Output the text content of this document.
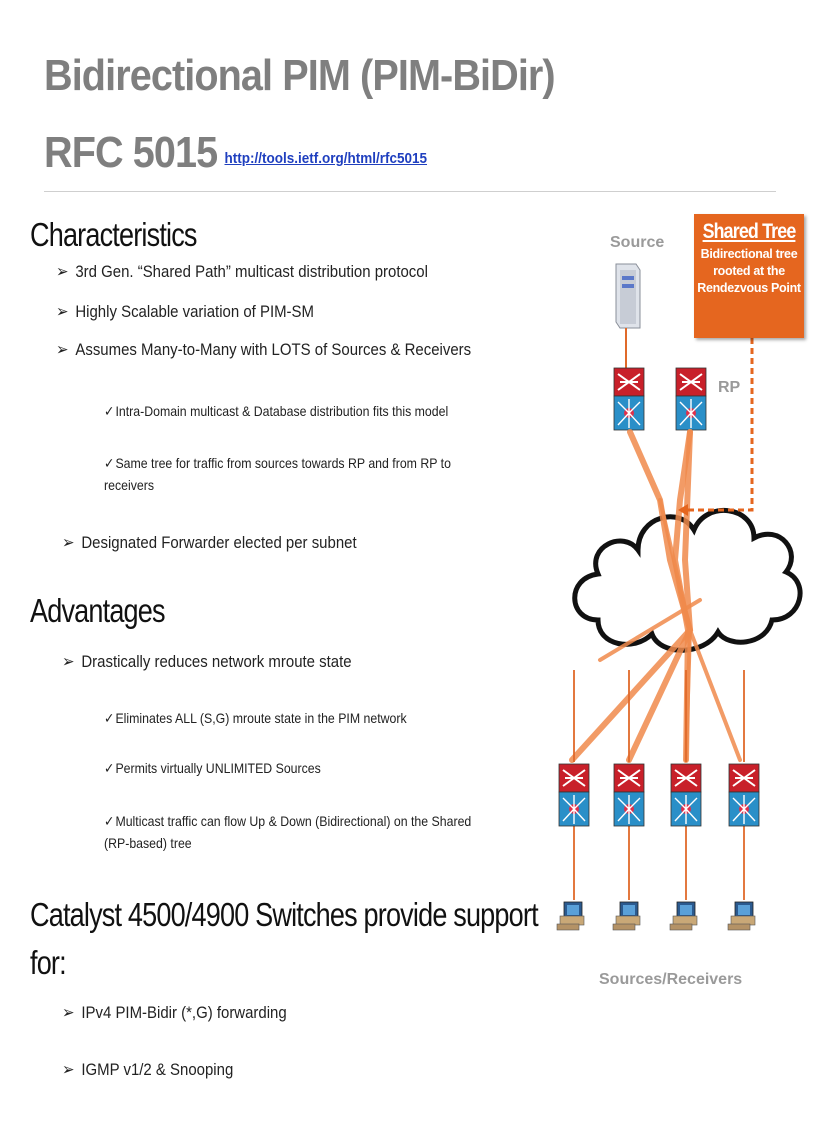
Bidirectional PIM (PIM-BiDir)
RFC 5015 http://tools.ietf.org/html/rfc5015
Characteristics
➢ 3rd Gen. “Shared Path” multicast distribution protocol
➢ Highly Scalable variation of PIM-SM
➢ Assumes Many-to-Many with LOTS of Sources & Receivers
✓Intra-Domain multicast & Database distribution fits this model
✓Same tree for traffic from sources towards RP and from RP to receivers
➢ Designated Forwarder elected per subnet
Advantages
➢ Drastically reduces network mroute state
✓Eliminates ALL (S,G) mroute state in the PIM network
✓Permits virtually UNLIMITED Sources
✓Multicast traffic can flow Up & Down (Bidirectional) on the Shared (RP-based) tree
Catalyst 4500/4900 Switches provide support
for:
➢ IPv4 PIM-Bidir (*,G) forwarding
➢ IGMP v1/2 & Snooping
Source
RP
Sources/Receivers
Shared Tree
Bidirectional tree rooted at the Rendezvous Point
